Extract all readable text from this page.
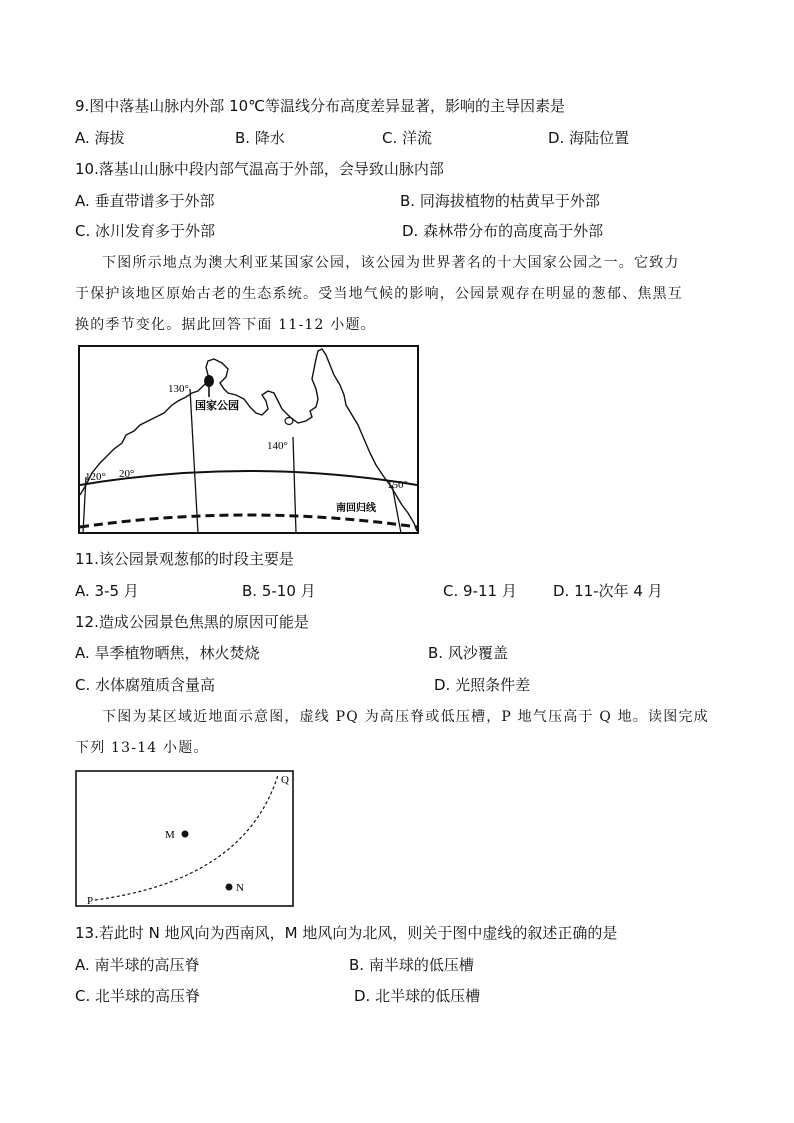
9.图中落基山脉内外部 10℃等温线分布高度差异显著，影响的主导因素是
A. 海拔	B. 降水	C. 洋流	D. 海陆位置
10.落基山山脉中段内部气温高于外部，会导致山脉内部
A. 垂直带谱多于外部	B. 同海拔植物的枯黄早于外部
C. 冰川发育多于外部	D. 森林带分布的高度高于外部
下图所示地点为澳大利亚某国家公园，该公园为世界著名的十大国家公园之一。它致力
于保护该地区原始古老的生态系统。受当地气候的影响，公园景观存在明显的葱郁、焦黑互
换的季节变化。据此回答下面 11-12 小题。
130°
140°
120° 20°
150°
国家公园
南回归线
11.该公园景观葱郁的时段主要是
A. 3-5 月	B. 5-10 月	C. 9-11 月 D. 11-次年 4 月
12.造成公园景色焦黑的原因可能是
A. 旱季植物晒焦，林火焚烧	B. 风沙覆盖
C. 水体腐殖质含量高	D. 光照条件差
下图为某区域近地面示意图，虚线 PQ 为高压脊或低压槽，P 地气压高于 Q 地。读图完成
下列 13-14 小题。
P
Q
M
N
13.若此时 N 地风向为西南风，M 地风向为北风，则关于图中虚线的叙述正确的是
A. 南半球的高压脊	B. 南半球的低压槽
C. 北半球的高压脊	D. 北半球的低压槽
